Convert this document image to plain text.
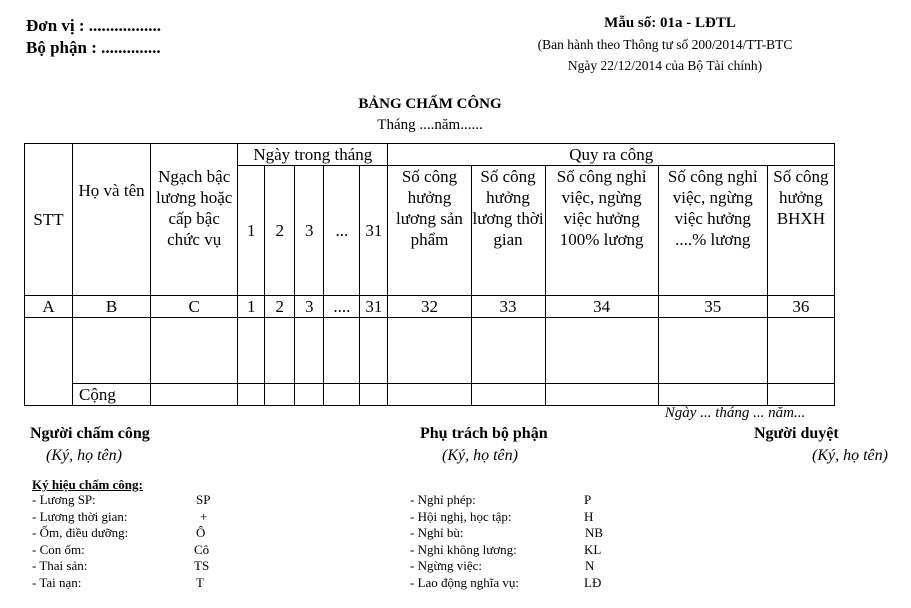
Đơn vị : .................
Bộ phận : ..............
Mẫu số: 01a - LĐTL
(Ban hành theo Thông tư số 200/2014/TT-BTC
Ngày 22/12/2014 của Bộ Tài chính)
BẢNG CHẤM CÔNG
Tháng ....năm......
STT	Họ và tên	Ngạch bậc lương hoặc cấp bậc chức vụ	Ngày trong tháng					Quy ra công				
			1	2	3	...	31	Số công hưởng lương sản phẩm	Số công hưởng lương thời gian	Số công nghỉ việc, ngừng việc hưởng 100% lương	Số công nghỉ việc, ngừng việc hưởng ....% lương	Số công hưởng BHXH
A	B	C	1	2	3	....	31	32	33	34	35	36

	Cộng											
Ngày ... tháng ... năm...
Người chấm công
(Ký, họ tên)
Phụ trách bộ phận
(Ký, họ tên)
Người duyệt
(Ký, họ tên)
Ký hiệu chấm công:
- Lương SP:	SP
- Lương thời gian:	+
- Ốm, điều dưỡng:	Ô
- Con ốm:	Cô
- Thai sản:	TS
- Tai nạn:	T
- Nghỉ phép:	P
- Hội nghị, học tập:	H
- Nghỉ bù:	NB
- Nghỉ không lương:	KL
- Ngừng việc:	N
- Lao động nghĩa vụ:	LĐ
